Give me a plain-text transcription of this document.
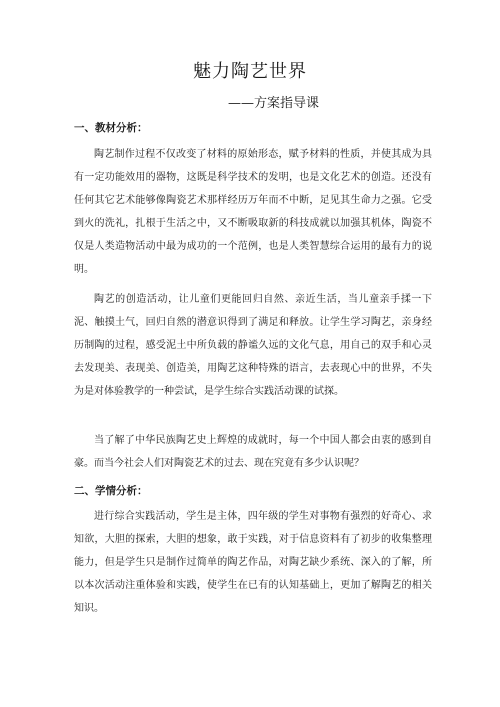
魅力陶艺世界
——方案指导课
一、教材分析：

陶艺制作过程不仅改变了材料的原始形态，赋予材料的性质，并使其成为具有一定功能效用的器物，这既是科学技术的发明，也是文化艺术的创造。还没有任何其它艺术能够像陶瓷艺术那样经历万年而不中断，足见其生命力之强。它受到火的洗礼，扎根于生活之中，又不断吸取新的科技成就以加强其机体，陶瓷不仅是人类造物活动中最为成功的一个范例，也是人类智慧综合运用的最有力的说明。

陶艺的创造活动，让儿童们更能回归自然、亲近生活，当儿童亲手揉一下泥、触摸土气，回归自然的潜意识得到了满足和释放。让学生学习陶艺，亲身经历制陶的过程，感受泥土中所负载的静谧久远的文化气息，用自己的双手和心灵去发现美、表现美、创造美，用陶艺这种特殊的语言，去表现心中的世界，不失为是对体验教学的一种尝试，是学生综合实践活动课的试探。

当了解了中华民族陶艺史上辉煌的成就时，每一个中国人都会由衷的感到自豪。而当今社会人们对陶瓷艺术的过去、现在究竟有多少认识呢？

二、学情分析：

进行综合实践活动，学生是主体，四年级的学生对事物有强烈的好奇心、求知欲，大胆的探索，大胆的想象，敢于实践，对于信息资料有了初步的收集整理能力，但是学生只是制作过简单的陶艺作品，对陶艺缺少系统、深入的了解，所以本次活动注重体验和实践，使学生在已有的认知基础上，更加了解陶艺的相关知识。
